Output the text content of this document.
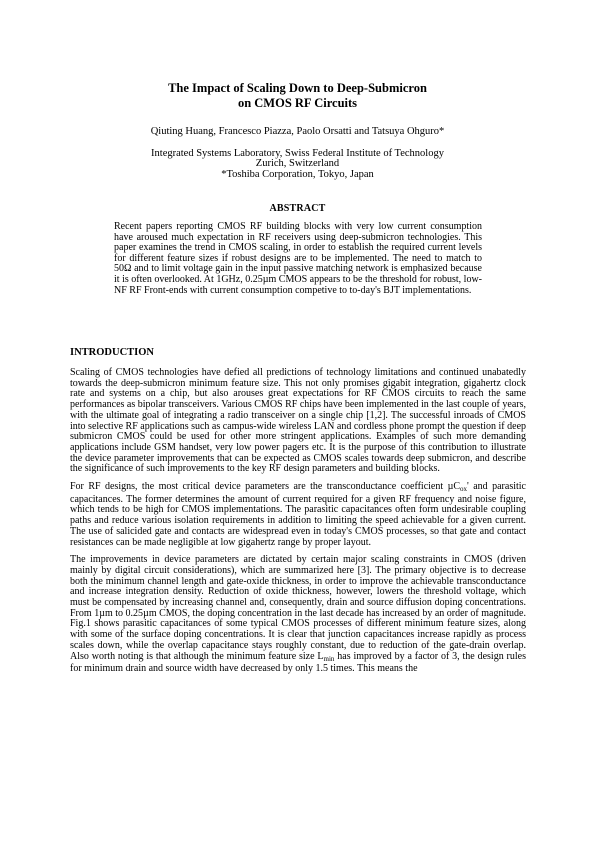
The Impact of Scaling Down to Deep-Submicron
on CMOS RF Circuits
Qiuting Huang, Francesco Piazza, Paolo Orsatti and Tatsuya Ohguro*
Integrated Systems Laboratory, Swiss Federal Institute of Technology
Zurich, Switzerland
*Toshiba Corporation, Tokyo, Japan
ABSTRACT

Recent papers reporting CMOS RF building blocks with very low current consumption have aroused much expectation in RF receivers using deep-submicron technologies. This paper examines the trend in CMOS scaling, in order to establish the required current levels for different feature sizes if robust designs are to be implemented. The need to match to 50Ω and to limit voltage gain in the input passive matching network is emphasized because it is often overlooked. At 1GHz, 0.25µm CMOS appears to be the threshold for robust, low-NF RF Front-ends with current consumption competive to to-day's BJT implementations.

INTRODUCTION

Scaling of CMOS technologies have defied all predictions of technology limitations and continued unabatedly towards the deep-submicron minimum feature size. This not only promises gigabit integration, gigahertz clock rate and systems on a chip, but also arouses great expectations for RF CMOS circuits to reach the same performances as bipolar transceivers. Various CMOS RF chips have been implemented in the last couple of years, with the ultimate goal of integrating a radio transceiver on a single chip [1,2]. The successful inroads of CMOS into selective RF applications such as campus-wide wireless LAN and cordless phone prompt the question if deep submicron CMOS could be used for other more stringent applications. Examples of such more demanding applications include GSM handset, very low power pagers etc. It is the purpose of this contribution to illustrate the device parameter improvements that can be expected as CMOS scales towards deep submicron, and describe the significance of such improvements to the key RF design parameters and building blocks.

For RF designs, the most critical device parameters are the transconductance coefficient µC$_{ox}$' and parasitic capacitances. The former determines the amount of current required for a given RF frequency and noise figure, which tends to be high for CMOS implementations. The parasitic capacitances often form undesirable coupling paths and reduce various isolation requirements in addition to limiting the speed achievable for a given current. The use of salicided gate and contacts are widespread even in today's CMOS processes, so that gate and contact resistances can be made negligible at low gigahertz range by proper layout.

The improvements in device parameters are dictated by certain major scaling constraints in CMOS (driven mainly by digital circuit considerations), which are summarized here [3]. The primary objective is to decrease both the minimum channel length and gate-oxide thickness, in order to improve the achievable transconductance and increase integration density. Reduction of oxide thickness, however, lowers the threshold voltage, which must be compensated by increasing channel and, consequently, drain and source diffusion doping concentrations. From 1µm to 0.25µm CMOS, the doping concentration in the last decade has increased by an order of magnitude. Fig.1 shows parasitic capacitances of some typical CMOS processes of different minimum feature sizes, along with some of the surface doping concentrations. It is clear that junction capacitances increase rapidly as process scales down, while the overlap capacitance stays roughly constant, due to reduction of the gate-drain overlap. Also worth noting is that although the minimum feature size $L_{min}$ has improved by a factor of 3, the design rules for minimum drain and source width have decreased by only 1.5 times. This means the
